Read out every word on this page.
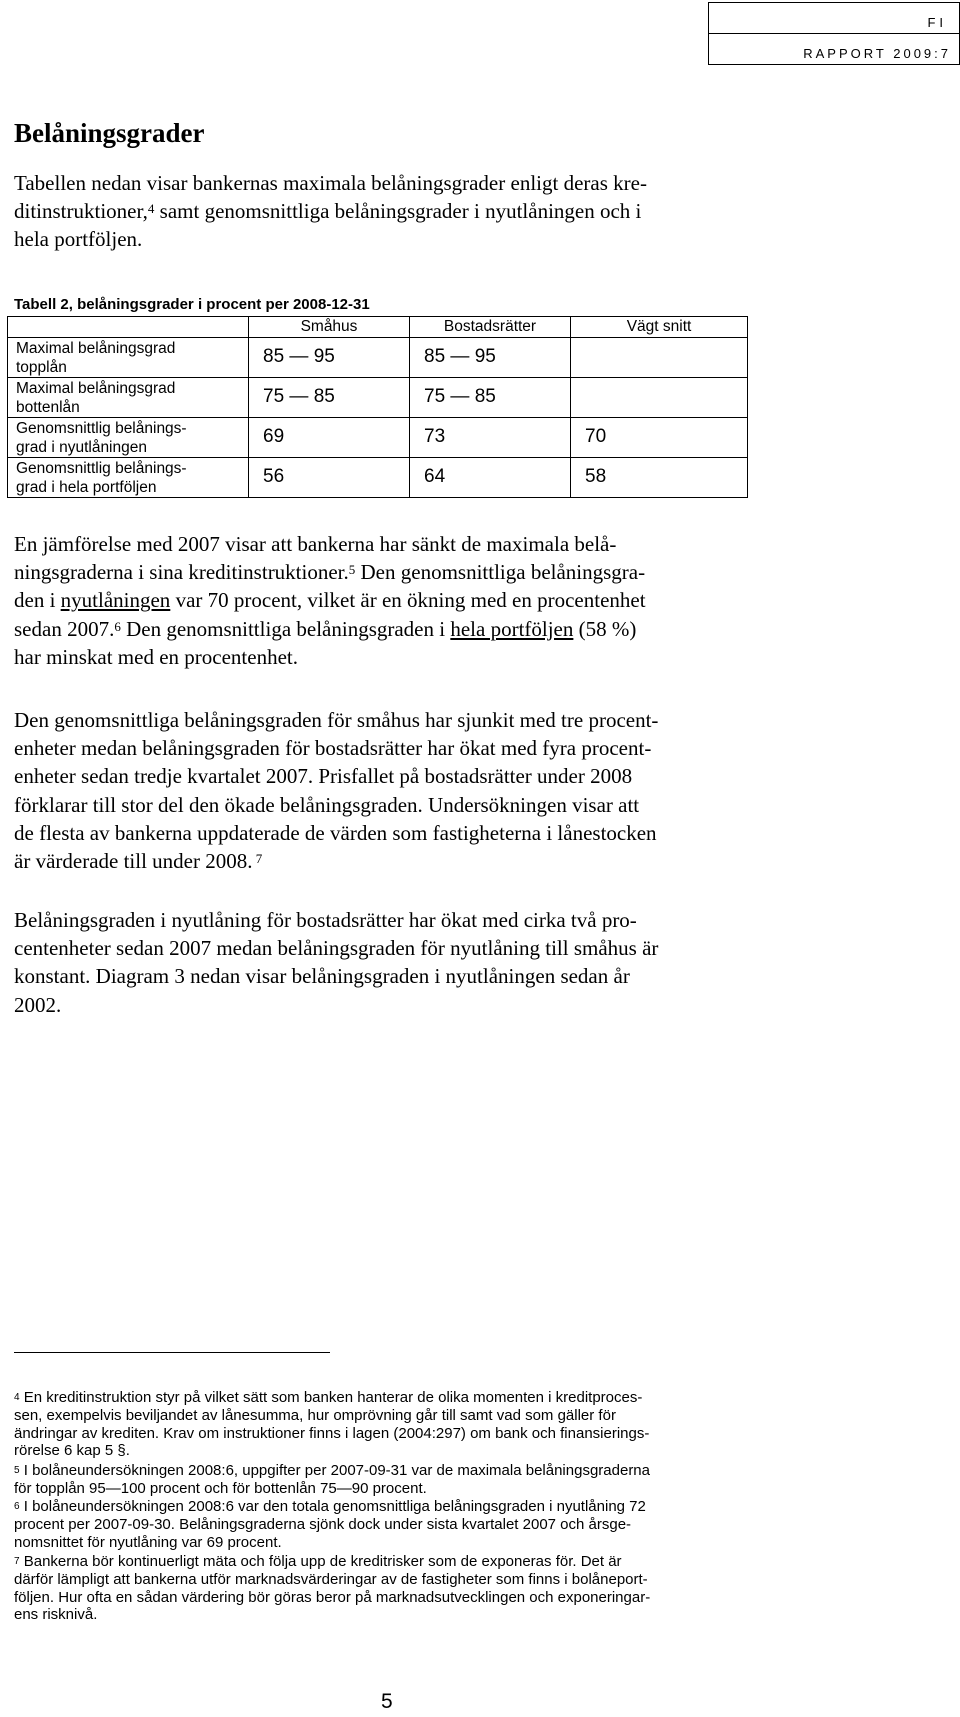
FI
RAPPORT 2009:7
Belåningsgrader
Tabellen nedan visar bankernas maximala belåningsgrader enligt deras kre-
ditinstruktioner,$^4$ samt genomsnittliga belåningsgrader i nyutlåningen och i
hela portföljen.
Tabell 2, belåningsgrader i procent per 2008-12-31
	Småhus	Bostadsrätter	Vägt snitt

Maximal belåningsgrad
topplån	85 — 95	85 — 95	

Maximal belåningsgrad
bottenlån	75 — 85	75 — 85	

Genomsnittlig belånings-
grad i nyutlåningen	69	73	70

Genomsnittlig belånings-
grad i hela portföljen	56	64	58
En jämförelse med 2007 visar att bankerna har sänkt de maximala belå-
ningsgraderna i sina kreditinstruktioner.$^5$ Den genomsnittliga belåningsgra-
den i nyutlåningen var 70 procent, vilket är en ökning med en procentenhet
sedan 2007.$^6$ Den genomsnittliga belåningsgraden i hela portföljen (58 %)
har minskat med en procentenhet.
Den genomsnittliga belåningsgraden för småhus har sjunkit med tre procent-
enheter medan belåningsgraden för bostadsrätter har ökat med fyra procent-
enheter sedan tredje kvartalet 2007. Prisfallet på bostadsrätter under 2008
förklarar till stor del den ökade belåningsgraden. Undersökningen visar att
de flesta av bankerna uppdaterade de värden som fastigheterna i lånestocken
är värderade till under 2008. $^7$
Belåningsgraden i nyutlåning för bostadsrätter har ökat med cirka två pro-
centenheter sedan 2007 medan belåningsgraden för nyutlåning till småhus är
konstant. Diagram 3 nedan visar belåningsgraden i nyutlåningen sedan år
2002.
$^4$ En kreditinstruktion styr på vilket sätt som banken hanterar de olika momenten i kreditproces-
sen, exempelvis beviljandet av lånesumma, hur omprövning går till samt vad som gäller för
ändringar av krediten. Krav om instruktioner finns i lagen (2004:297) om bank och finansierings-
rörelse 6 kap 5 §.
$^5$ I bolåneundersökningen 2008:6, uppgifter per 2007-09-31 var de maximala belåningsgraderna
för topplån 95—100 procent och för bottenlån 75—90 procent.
$^6$ I bolåneundersökningen 2008:6 var den totala genomsnittliga belåningsgraden i nyutlåning 72
procent per 2007-09-30. Belåningsgraderna sjönk dock under sista kvartalet 2007 och årsge-
nomsnittet för nyutlåning var 69 procent.
$^7$ Bankerna bör kontinuerligt mäta och följa upp de kreditrisker som de exponeras för. Det är
därför lämpligt att bankerna utför marknadsvärderingar av de fastigheter som finns i bolåneport-
följen. Hur ofta en sådan värdering bör göras beror på marknadsutvecklingen och exponeringar-
ens risknivå.
5
